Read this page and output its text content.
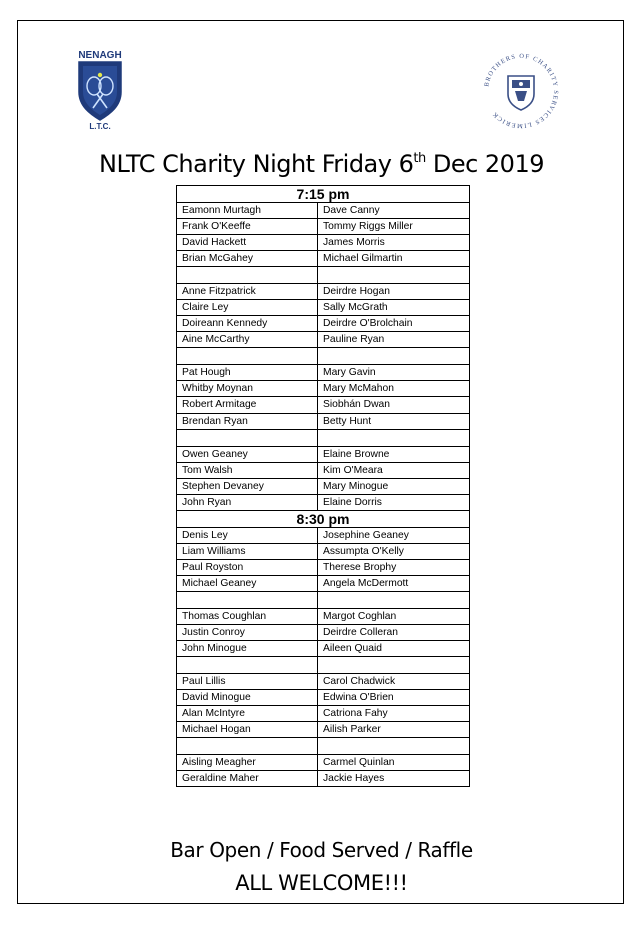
NENAGH
L.T.C.
BROTHERS OF CHARITY SERVICES LIMERICK
NLTC Charity Night Friday 6th Dec 2019
7:15 pm	
Eamonn Murtagh	Dave Canny
Frank O'Keeffe	Tommy Riggs Miller
David Hackett	James Morris
Brian McGahey	Michael Gilmartin

Anne Fitzpatrick	Deirdre Hogan
Claire Ley	Sally McGrath
Doireann Kennedy	Deirdre O'Brolchain
Aine McCarthy	Pauline Ryan

Pat Hough	Mary Gavin
Whitby Moynan	Mary McMahon
Robert Armitage	Siobhán Dwan
Brendan Ryan	Betty Hunt

Owen Geaney	Elaine Browne
Tom Walsh	Kim O'Meara
Stephen Devaney	Mary Minogue
John Ryan	Elaine Dorris
8:30 pm	
Denis Ley	Josephine Geaney
Liam Williams	Assumpta O'Kelly
Paul Royston	Therese Brophy
Michael Geaney	Angela McDermott

Thomas Coughlan	Margot Coghlan
Justin Conroy	Deirdre Colleran
John Minogue	Aileen Quaid

Paul Lillis	Carol Chadwick
David Minogue	Edwina O'Brien
Alan McIntyre	Catriona Fahy
Michael Hogan	Ailish Parker

Aisling Meagher	Carmel Quinlan
Geraldine Maher	Jackie Hayes
Bar Open / Food Served / Raffle
ALL WELCOME!!!
